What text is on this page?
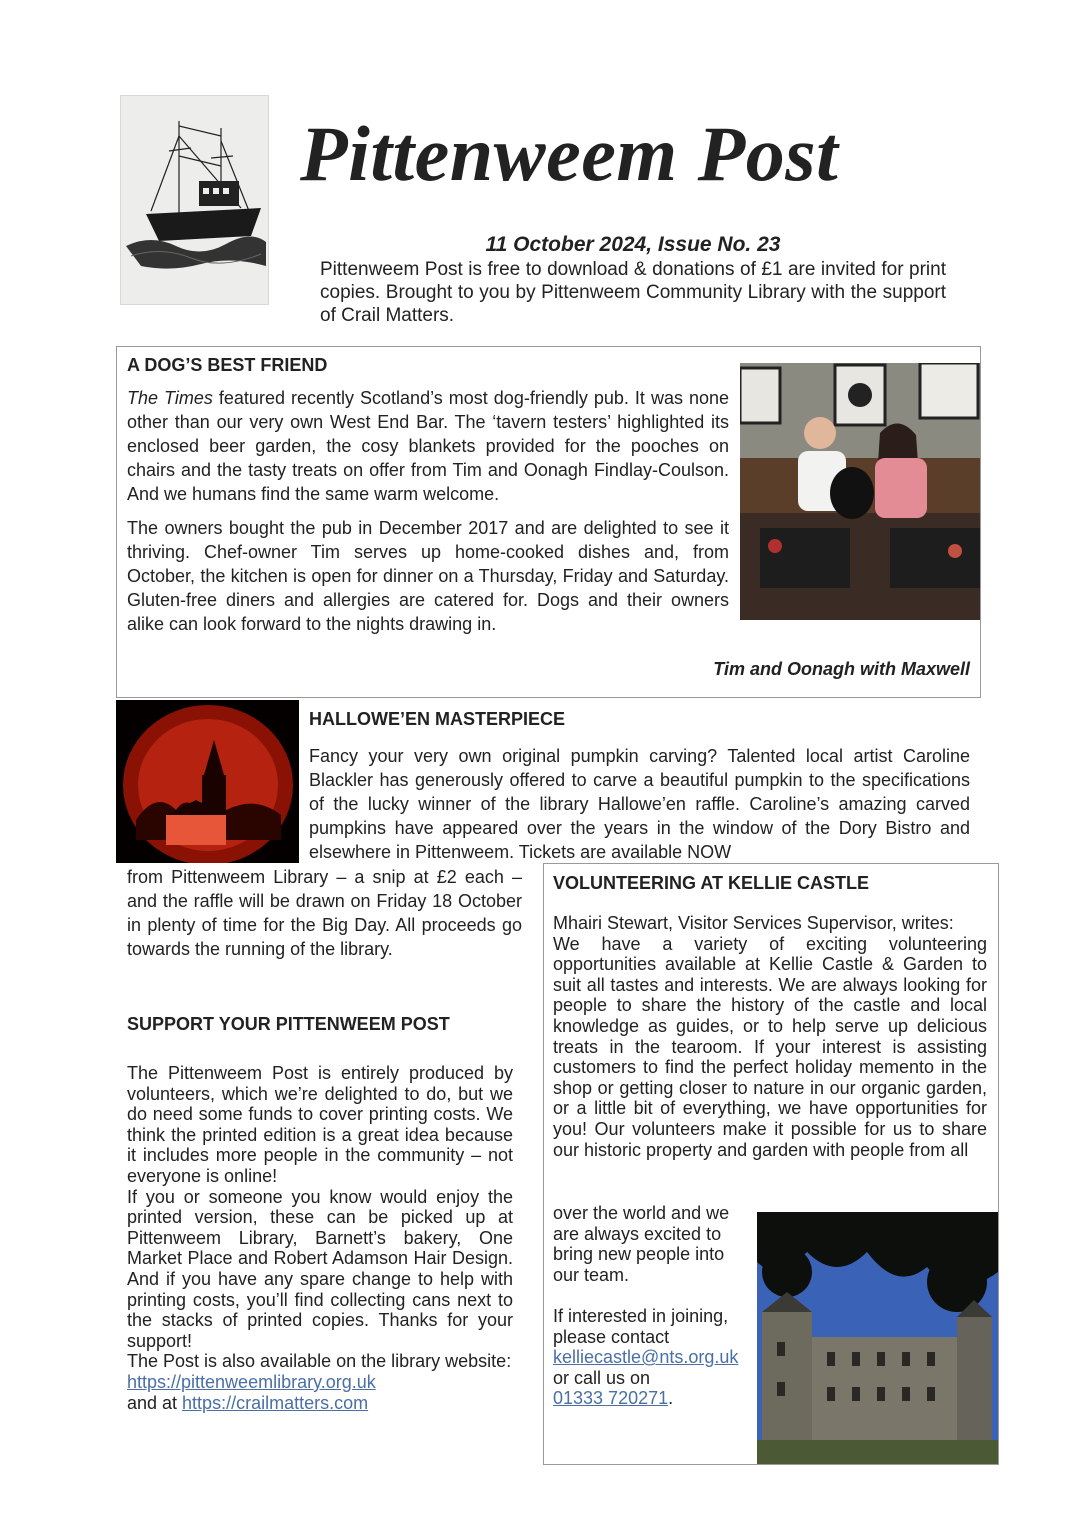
Pittenweem Post
11 October 2024, Issue No. 23
Pittenweem Post is free to download & donations of £1 are invited for print copies. Brought to you by Pittenweem Community Library with the support of Crail Matters.
A DOG’S BEST FRIEND

The Times featured recently Scotland’s most dog-friendly pub. It was none other than our very own West End Bar. The ‘tavern testers’ highlighted its enclosed beer garden, the cosy blankets provided for the pooches on chairs and the tasty treats on offer from Tim and Oonagh Findlay-Coulson. And we humans find the same warm welcome.

The owners bought the pub in December 2017 and are delighted to see it thriving. Chef-owner Tim serves up home-cooked dishes and, from October, the kitchen is open for dinner on a Thursday, Friday and Saturday. Gluten-free diners and allergies are catered for. Dogs and their owners alike can look forward to the nights drawing in.

Tim and Oonagh with Maxwell
HALLOWE’EN MASTERPIECE

Fancy your very own original pumpkin carving? Talented local artist Caroline Blackler has generously offered to carve a beautiful pumpkin to the specifications of the lucky winner of the library Hallowe’en raffle. Caroline’s amazing carved pumpkins have appeared over the years in the window of the Dory Bistro and elsewhere in Pittenweem. Tickets are available NOW

from Pittenweem Library – a snip at £2 each – and the raffle will be drawn on Friday 18 October in plenty of time for the Big Day. All proceeds go towards the running of the library.

SUPPORT YOUR PITTENWEEM POST

The Pittenweem Post is entirely produced by volunteers, which we’re delighted to do, but we do need some funds to cover printing costs. We think the printed edition is a great idea because it includes more people in the community – not everyone is online!

If you or someone you know would enjoy the printed version, these can be picked up at Pittenweem Library, Barnett’s bakery, One Market Place and Robert Adamson Hair Design. And if you have any spare change to help with printing costs, you’ll find collecting cans next to the stacks of printed copies. Thanks for your support!

The Post is also available on the library website:

https://pittenweemlibrary.org.uk

and at https://crailmatters.com

VOLUNTEERING AT KELLIE CASTLE

Mhairi Stewart, Visitor Services Supervisor, writes:

We have a variety of exciting volunteering opportunities available at Kellie Castle & Garden to suit all tastes and interests. We are always looking for people to share the history of the castle and local knowledge as guides, or to help serve up delicious treats in the tearoom. If your interest is assisting customers to find the perfect holiday memento in the shop or getting closer to nature in our organic garden, or a little bit of everything, we have opportunities for you! Our volunteers make it possible for us to share our historic property and garden with people from all

over the world and we are always excited to bring new people into our team.

If interested in joining, please contact

kelliecastle@nts.org.uk

or call us on

01333 720271.
